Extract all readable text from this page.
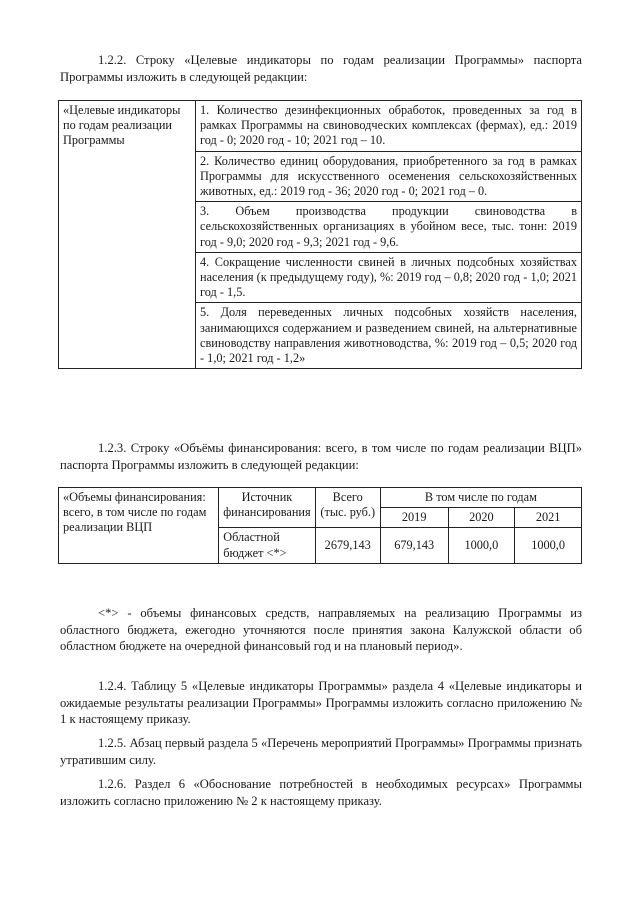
1.2.2. Строку «Целевые индикаторы по годам реализации Программы» паспорта Программы изложить в следующей редакции:

«Целевые индикаторы по годам реализации Программы	1. Количество дезинфекционных обработок, проведенных за год в рамках Программы на свиноводческих комплексах (фермах), ед.: 2019 год - 0; 2020 год - 10; 2021 год – 10.
2. Количество единиц оборудования, приобретенного за год в рамках Программы для искусственного осеменения сельскохозяйственных животных, ед.: 2019 год - 36; 2020 год - 0; 2021 год – 0.
3. Объем производства продукции свиноводства в сельскохозяйственных организациях в убойном весе, тыс. тонн: 2019 год - 9,0; 2020 год - 9,3; 2021 год - 9,6.
4. Сокращение численности свиней в личных подсобных хозяйствах населения (к предыдущему году), %: 2019 год – 0,8; 2020 год - 1,0; 2021 год - 1,5.
5. Доля переведенных личных подсобных хозяйств населения, занимающихся содержанием и разведением свиней, на альтернативные свиноводству направления животноводства, %: 2019 год – 0,5; 2020 год - 1,0; 2021 год - 1,2»

1.2.3. Строку «Объёмы финансирования: всего, в том числе по годам реализации ВЦП» паспорта Программы изложить в следующей редакции:

«Объемы финансирования: всего, в том числе по годам реализации ВЦП	Источник финансирования	Всего (тыс. руб.)	В том числе по годам		
			2019	2020	2021
	Областной бюджет <*>	2679,143	679,143	1000,0	1000,0

<*> - объемы финансовых средств, направляемых на реализацию Программы из областного бюджета, ежегодно уточняются после принятия закона Калужской области об областном бюджете на очередной финансовый год и на плановый период».

1.2.4. Таблицу 5 «Целевые индикаторы Программы» раздела 4 «Целевые индикаторы и ожидаемые результаты реализации Программы» Программы изложить согласно приложению № 1 к настоящему приказу.

1.2.5. Абзац первый раздела 5 «Перечень мероприятий Программы» Программы признать утратившим силу.

1.2.6. Раздел 6 «Обоснование потребностей в необходимых ресурсах» Программы изложить согласно приложению № 2 к настоящему приказу.
